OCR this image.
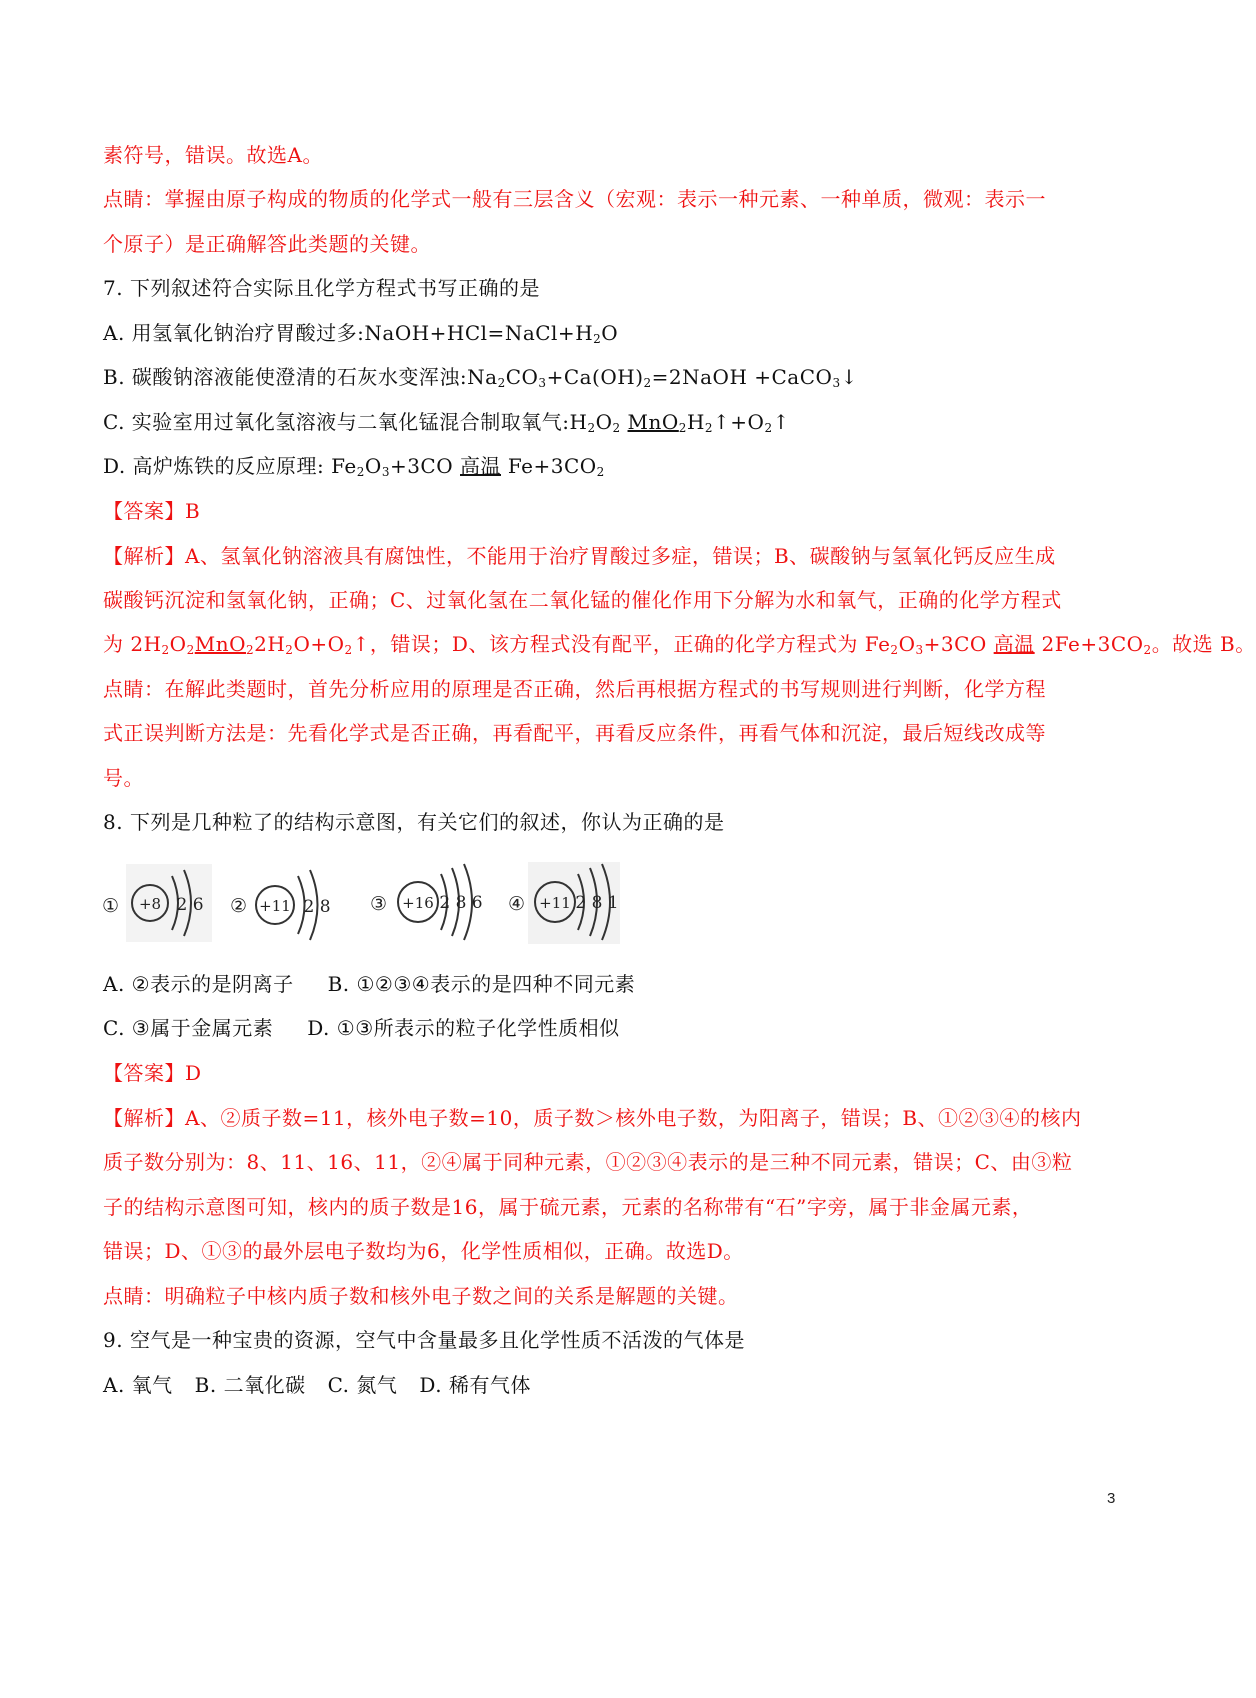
素符号，错误。故选A。
点睛：掌握由原子构成的物质的化学式一般有三层含义（宏观：表示一种元素、一种单质，微观：表示一
个原子）是正确解答此类题的关键。
7. 下列叙述符合实际且化学方程式书写正确的是
A. 用氢氧化钠治疗胃酸过多$:NaOH+HCl=NaCl+H_2O$
B. 碳酸钠溶液能使澄清的石灰水变浑浊$:Na_2CO_3+Ca(OH)_2=2NaOH$ +CaCO$_3$↓
C. 实验室用过氧化氢溶液与二氧化锰混合制取氧气$:H_2O_2$ $MnO_2H_2↑+O_2↑$
D. 高炉炼铁的反应原理: $Fe_2O_3+3CO$ 高温 $Fe+3CO_2$
【答案】B
【解析】A、氢氧化钠溶液具有腐蚀性，不能用于治疗胃酸过多症，错误；B、碳酸钠与氢氧化钙反应生成
碳酸钙沉淀和氢氧化钠，正确；C、过氧化氢在二氧化锰的催化作用下分解为水和氧气，正确的化学方程式
为 $2H_2O_2MnO_22H_2O+O_2↑$，错误；D、该方程式没有配平，正确的化学方程式为 $Fe_2O_3+3CO$ 高温 $2Fe+3CO_2$。故选 B。
点睛：在解此类题时，首先分析应用的原理是否正确，然后再根据方程式的书写规则进行判断，化学方程
式正误判断方法是：先看化学式是否正确，再看配平，再看反应条件，再看气体和沉淀，最后短线改成等
号。
8. 下列是几种粒了的结构示意图，有关它们的叙述，你认为正确的是
① +8 2 6 ② +11 2 8 ③ +16 2 8 6 ④ +11 2 8 1
A. ②表示的是阴离子 B. ①②③④表示的是四种不同元素
C. ③属于金属元素 D. ①③所表示的粒子化学性质相似
【答案】D
【解析】A、②质子数=11，核外电子数=10，质子数＞核外电子数，为阳离子，错误；B、①②③④的核内
质子数分别为：8、11、16、11，②④属于同种元素，①②③④表示的是三种不同元素，错误；C、由③粒
子的结构示意图可知，核内的质子数是16，属于硫元素，元素的名称带有“石”字旁，属于非金属元素，
错误；D、①③的最外层电子数均为6，化学性质相似，正确。故选D。
点睛：明确粒子中核内质子数和核外电子数之间的关系是解题的关键。
9. 空气是一种宝贵的资源，空气中含量最多且化学性质不活泼的气体是
A. 氧气 B. 二氧化碳 C. 氮气 D. 稀有气体
3
